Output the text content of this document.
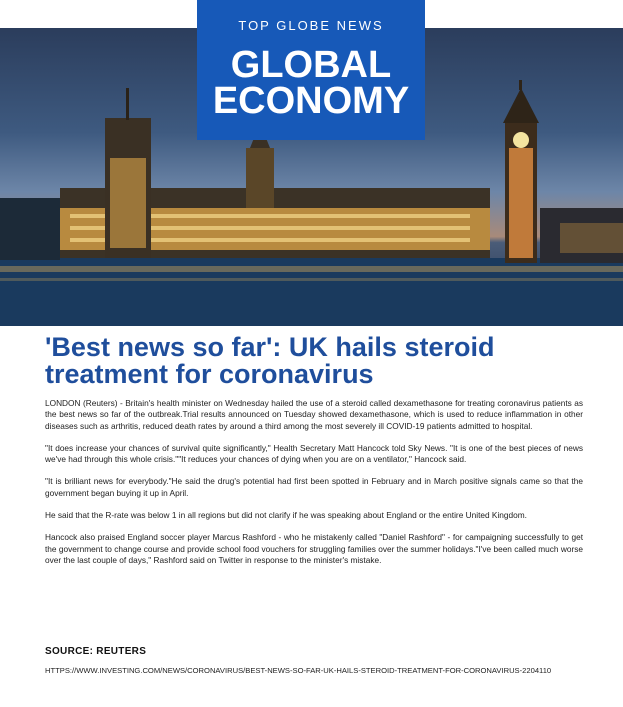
TOP GLOBE NEWS
GLOBAL
ECONOMY
'Best news so far': UK hails steroid
treatment for coronavirus

LONDON (Reuters) - Britain's health minister on Wednesday hailed the use of a steroid called dexamethasone for treating coronavirus patients as the best news so far of the outbreak.Trial results announced on Tuesday showed dexamethasone, which is used to reduce inflammation in other diseases such as arthritis, reduced death rates by around a third among the most severely ill COVID-19 patients admitted to hospital.

"It does increase your chances of survival quite significantly," Health Secretary Matt Hancock told Sky News. "It is one of the best pieces of news we've had through this whole crisis.""It reduces your chances of dying when you are on a ventilator," Hancock said.

"It is brilliant news for everybody."He said the drug's potential had first been spotted in February and in March positive signals came so that the government began buying it up in April.

He said that the R-rate was below 1 in all regions but did not clarify if he was speaking about England or the entire United Kingdom.

Hancock also praised England soccer player Marcus Rashford - who he mistakenly called "Daniel Rashford" - for campaigning successfully to get the government to change course and provide school food vouchers for struggling families over the summer holidays."I've been called much worse over the last couple of days," Rashford said on Twitter in response to the minister's mistake.

SOURCE: REUTERS
HTTPS://WWW.INVESTING.COM/NEWS/CORONAVIRUS/BEST-NEWS-SO-FAR-UK-HAILS-STEROID-TREATMENT-FOR-CORONAVIRUS-2204110
